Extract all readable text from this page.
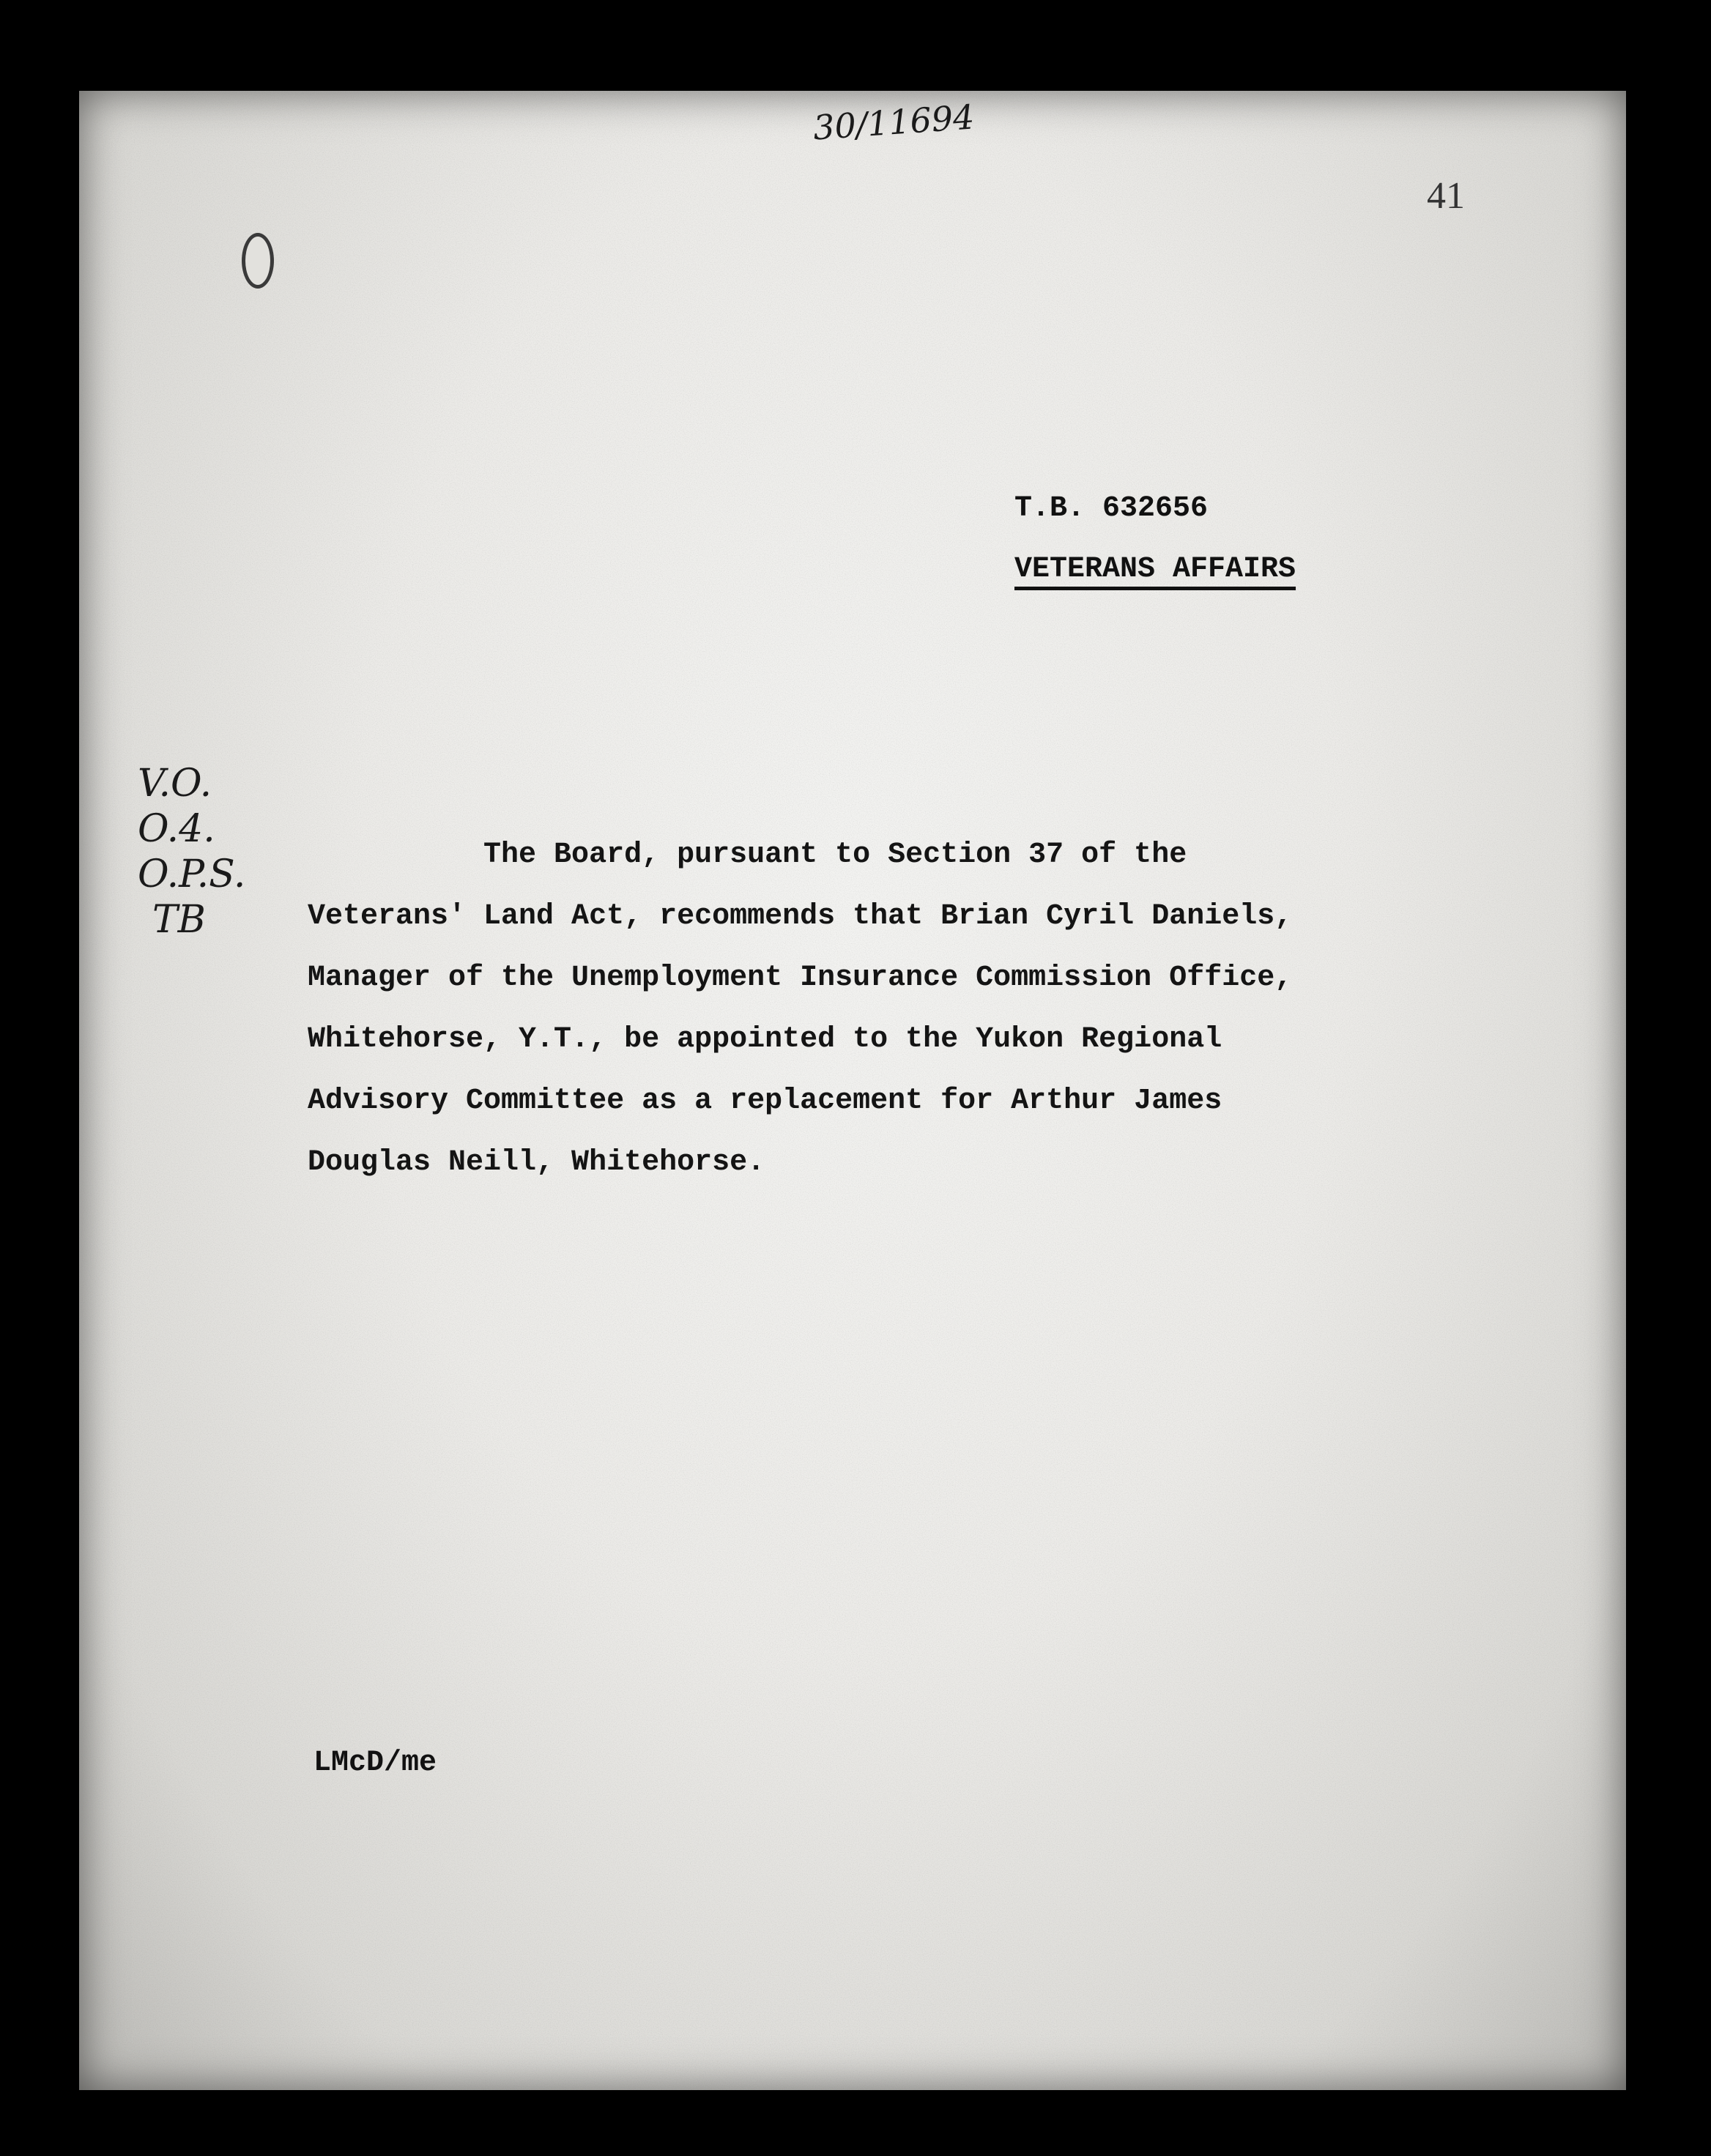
30/11694
41
T.B. 632656
VETERANS AFFAIRS
V.O.
O.4.
O.P.S.
TB
The Board, pursuant to Section 37 of the
Veterans' Land Act, recommends that Brian Cyril Daniels,
Manager of the Unemployment Insurance Commission Office,
Whitehorse, Y.T., be appointed to the Yukon Regional
Advisory Committee as a replacement for Arthur James
Douglas Neill, Whitehorse.
LMcD/me
